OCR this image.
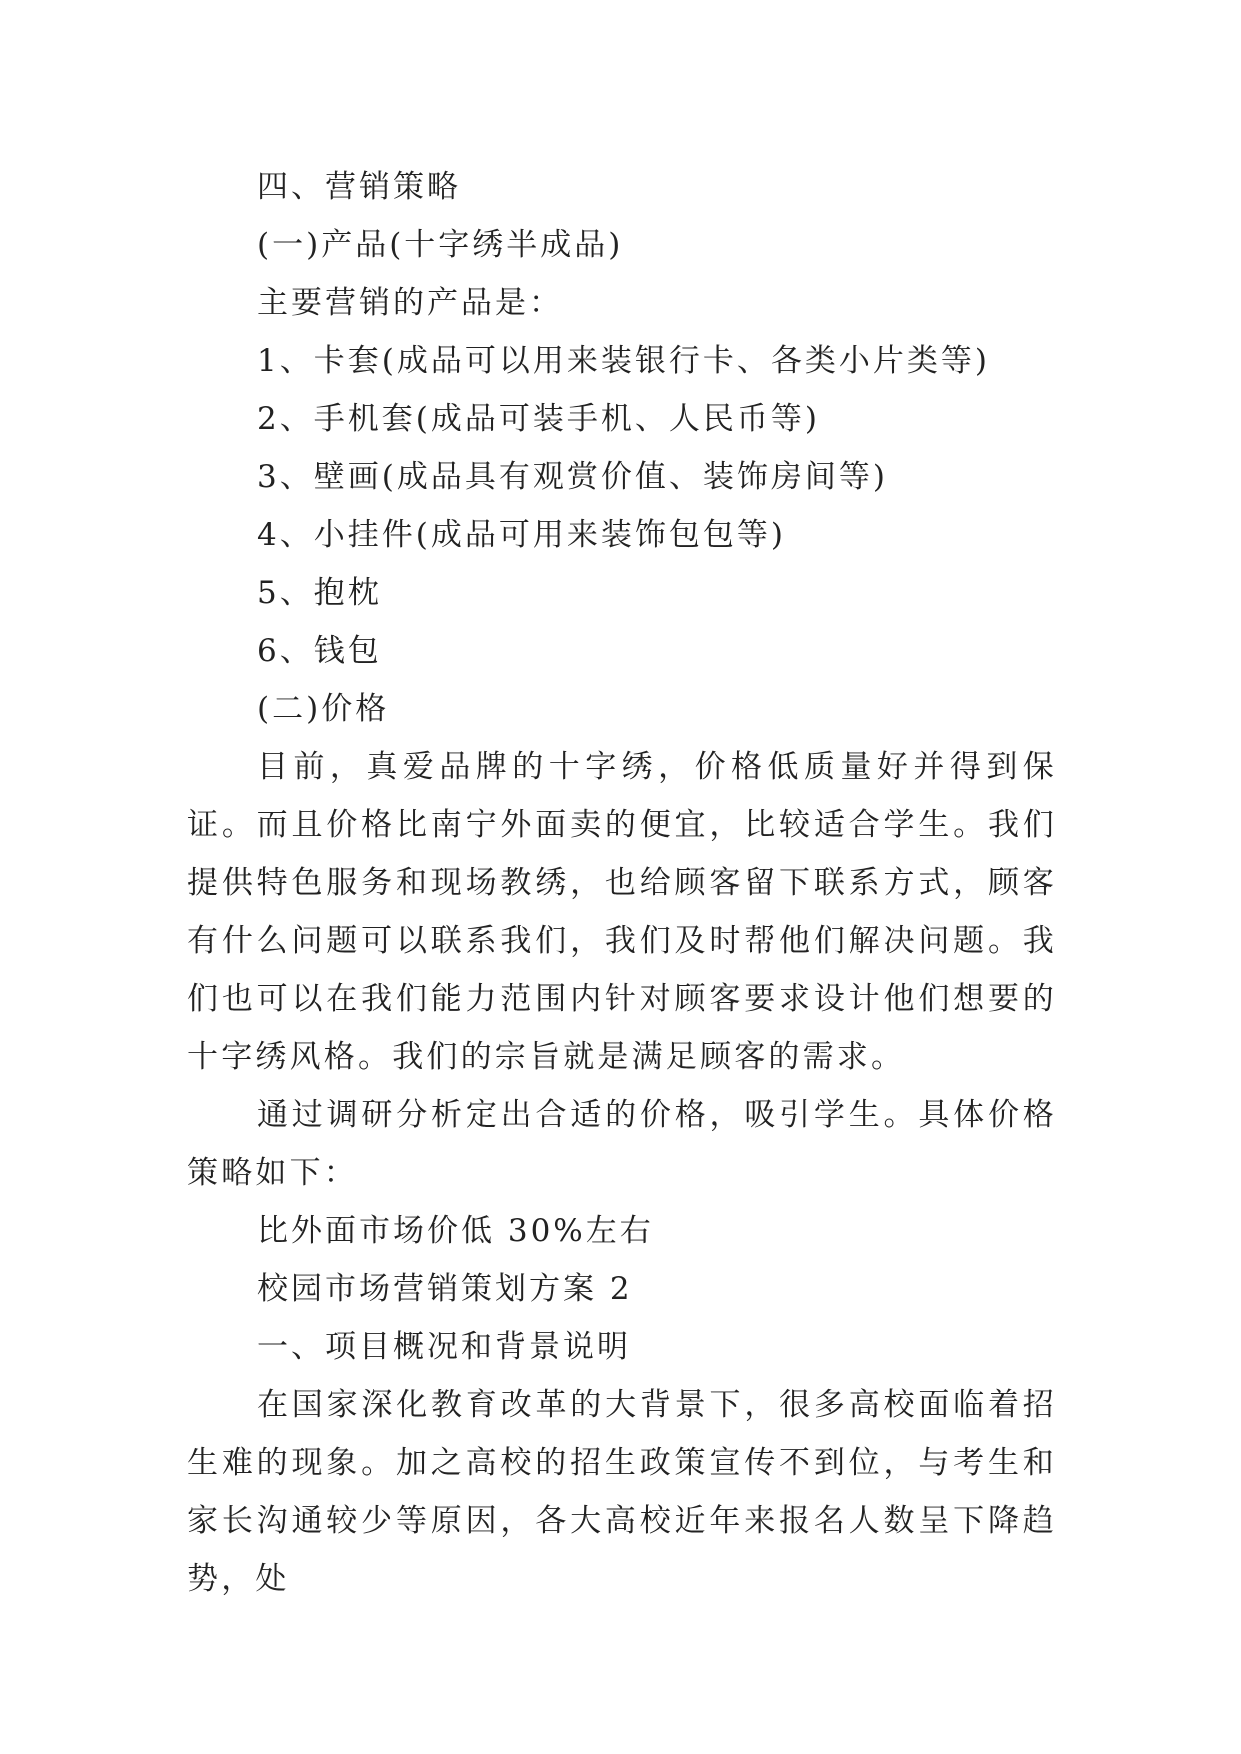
四、营销策略
(一)产品(十字绣半成品)
主要营销的产品是：
1、卡套(成品可以用来装银行卡、各类小片类等)
2、手机套(成品可装手机、人民币等)
3、壁画(成品具有观赏价值、装饰房间等)
4、小挂件(成品可用来装饰包包等)
5、抱枕
6、钱包
(二)价格

目前，真爱品牌的十字绣，价格低质量好并得到保证。而且价格比南宁外面卖的便宜，比较适合学生。我们提供特色服务和现场教绣，也给顾客留下联系方式，顾客有什么问题可以联系我们，我们及时帮他们解决问题。我们也可以在我们能力范围内针对顾客要求设计他们想要的十字绣风格。我们的宗旨就是满足顾客的需求。

通过调研分析定出合适的价格，吸引学生。具体价格策略如下：

比外面市场价低 30%左右
校园市场营销策划方案 2
一、项目概况和背景说明

在国家深化教育改革的大背景下，很多高校面临着招生难的现象。加之高校的招生政策宣传不到位，与考生和家长沟通较少等原因，各大高校近年来报名人数呈下降趋势，处
